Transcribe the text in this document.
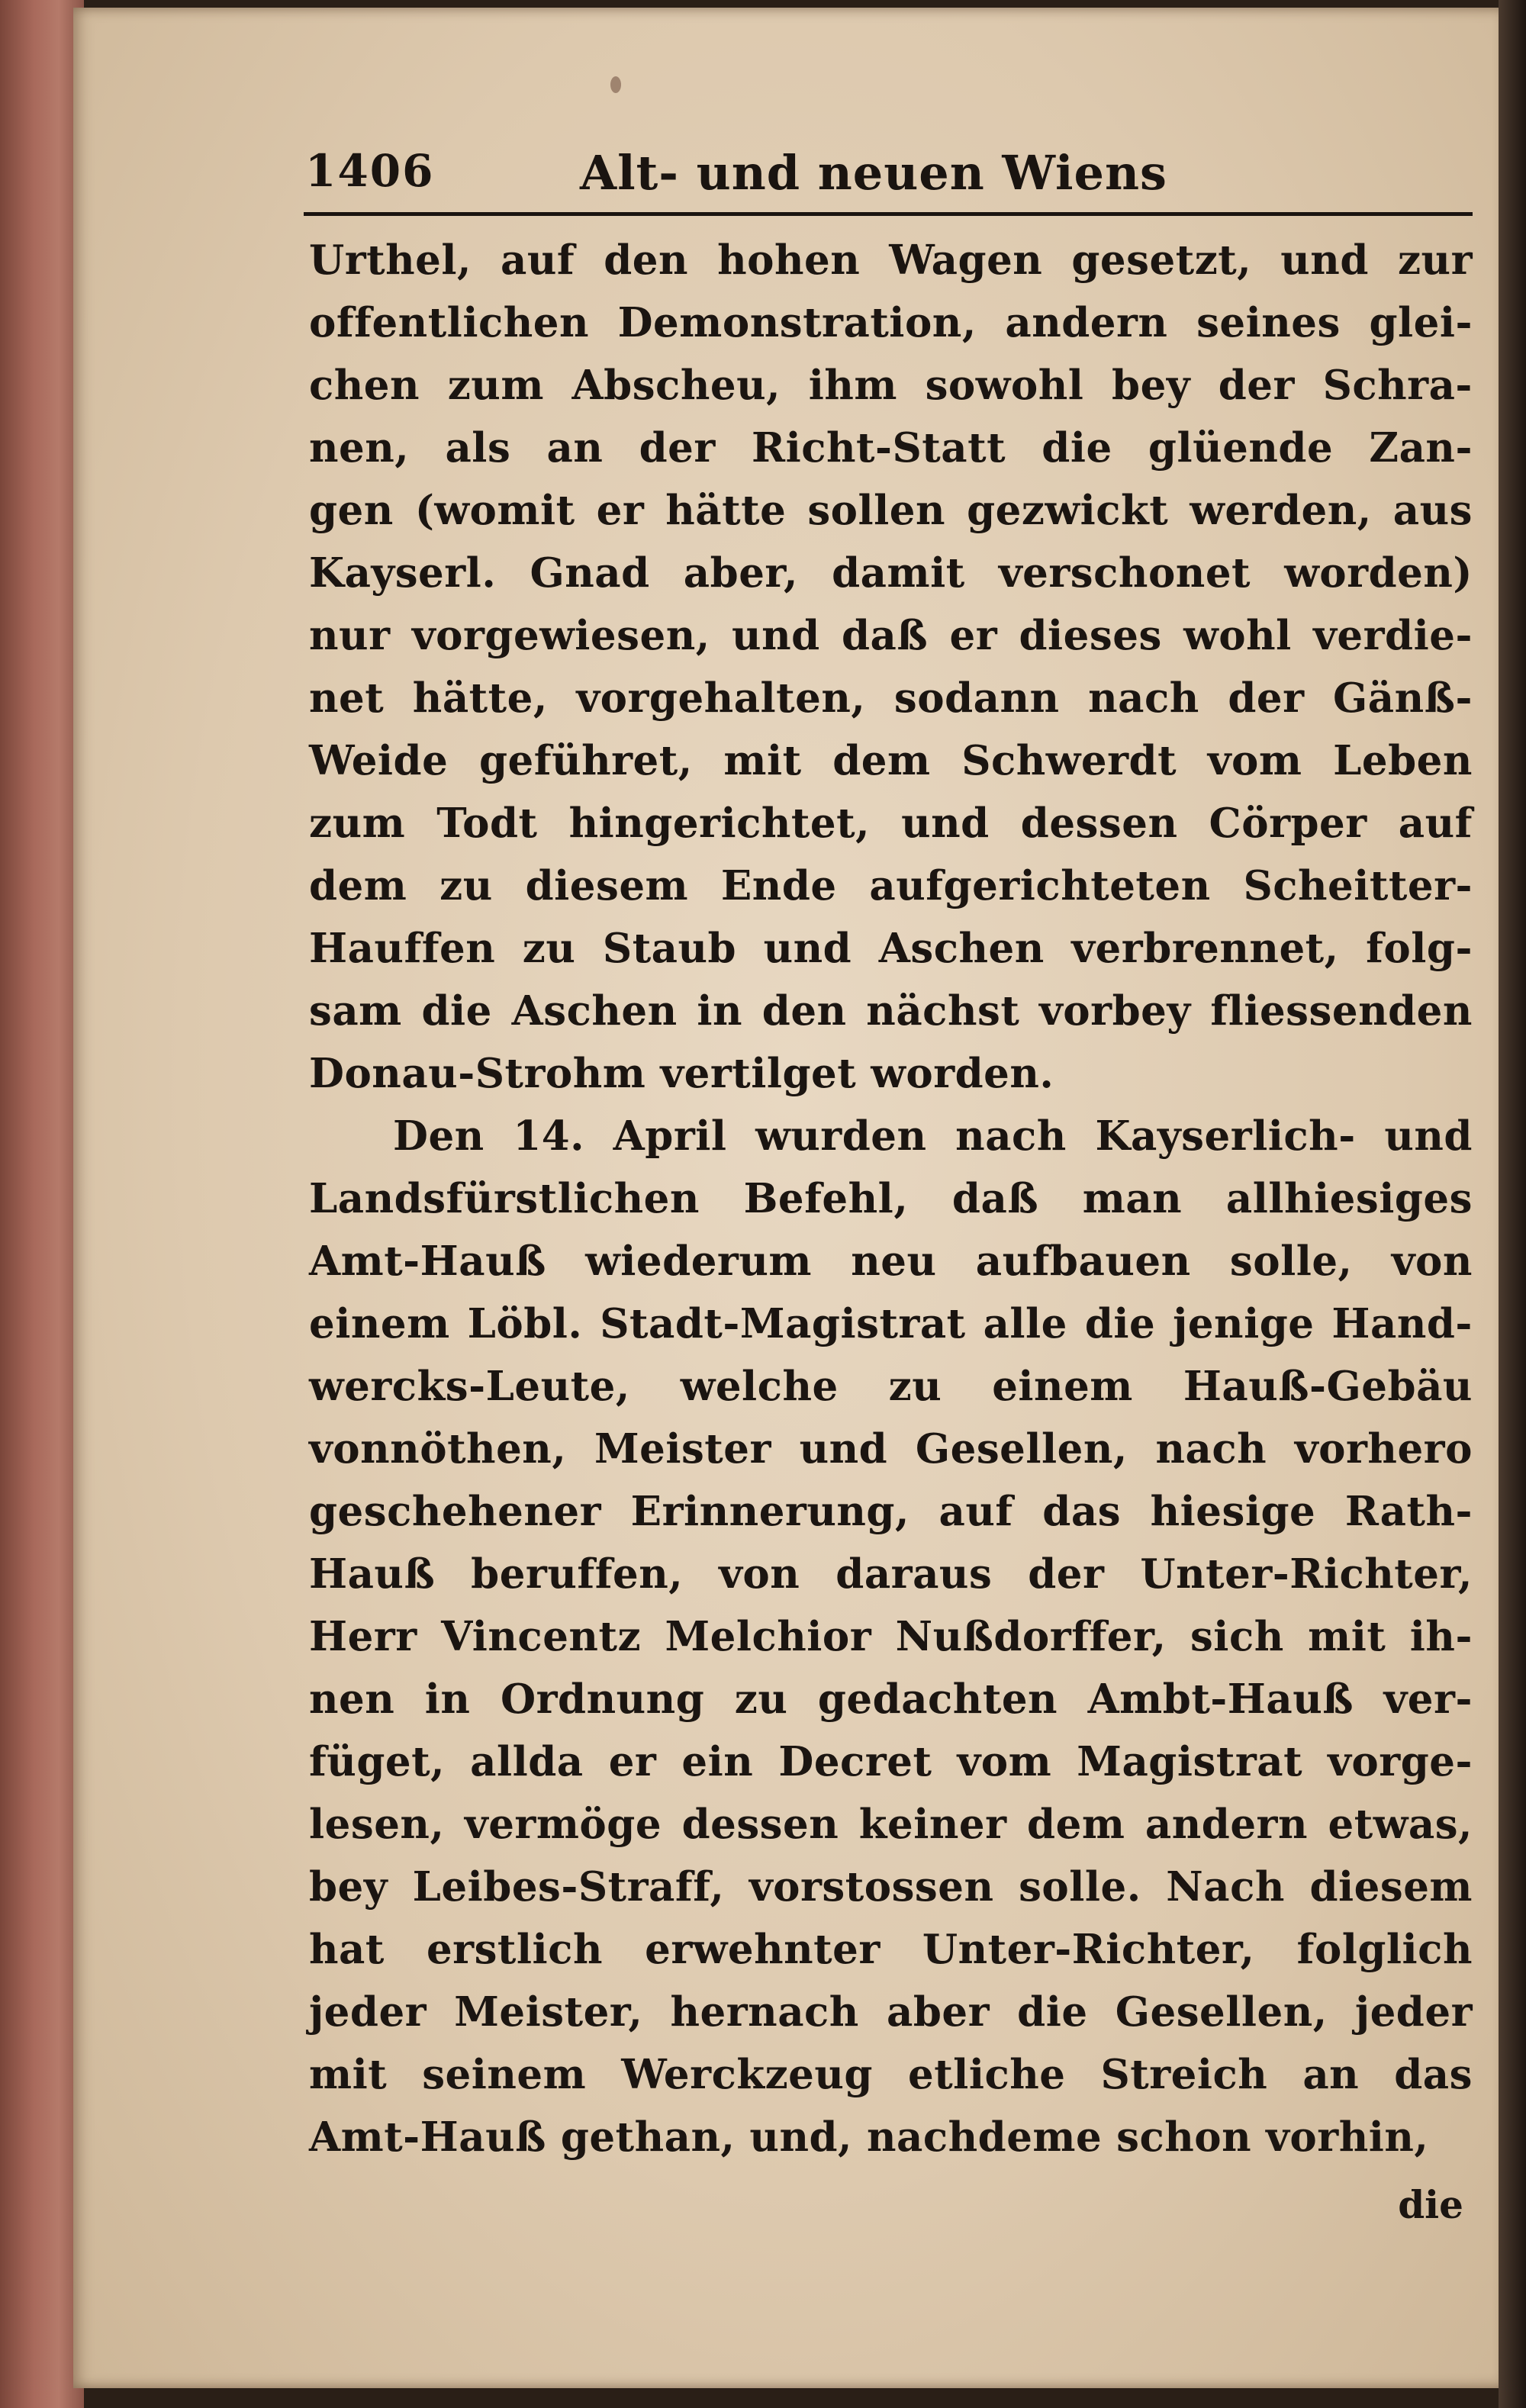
1406	Alt- und neuen Wiens
Urthel, auf den hohen Wagen gesetzt, und zur
offentlichen Demonstration, andern seines glei-
chen zum Abscheu, ihm sowohl bey der Schra-
nen, als an der Richt-Statt die glüende Zan-
gen (womit er hätte sollen gezwickt werden, aus
Kayserl. Gnad aber, damit verschonet worden)
nur vorgewiesen, und daß er dieses wohl verdie-
net hätte, vorgehalten, sodann nach der Gänß-
Weide geführet, mit dem Schwerdt vom Leben
zum Todt hingerichtet, und dessen Cörper auf
dem zu diesem Ende aufgerichteten Scheitter-
Hauffen zu Staub und Aschen verbrennet, folg-
sam die Aschen in den nächst vorbey fliessenden
Donau-Strohm vertilget worden.
Den 14. April wurden nach Kayserlich- und
Landsfürstlichen Befehl, daß man allhiesiges
Amt-Hauß wiederum neu aufbauen solle, von
einem Löbl. Stadt-Magistrat alle die jenige Hand-
wercks-Leute, welche zu einem Hauß-Gebäu
vonnöthen, Meister und Gesellen, nach vorhero
geschehener Erinnerung, auf das hiesige Rath-
Hauß beruffen, von daraus der Unter-Richter,
Herr Vincentz Melchior Nußdorffer, sich mit ih-
nen in Ordnung zu gedachten Ambt-Hauß ver-
füget, allda er ein Decret vom Magistrat vorge-
lesen, vermöge dessen keiner dem andern etwas,
bey Leibes-Straff, vorstossen solle. Nach diesem
hat erstlich erwehnter Unter-Richter, folglich
jeder Meister, hernach aber die Gesellen, jeder
mit seinem Werckzeug etliche Streich an das
Amt-Hauß gethan, und, nachdeme schon vorhin,
die
